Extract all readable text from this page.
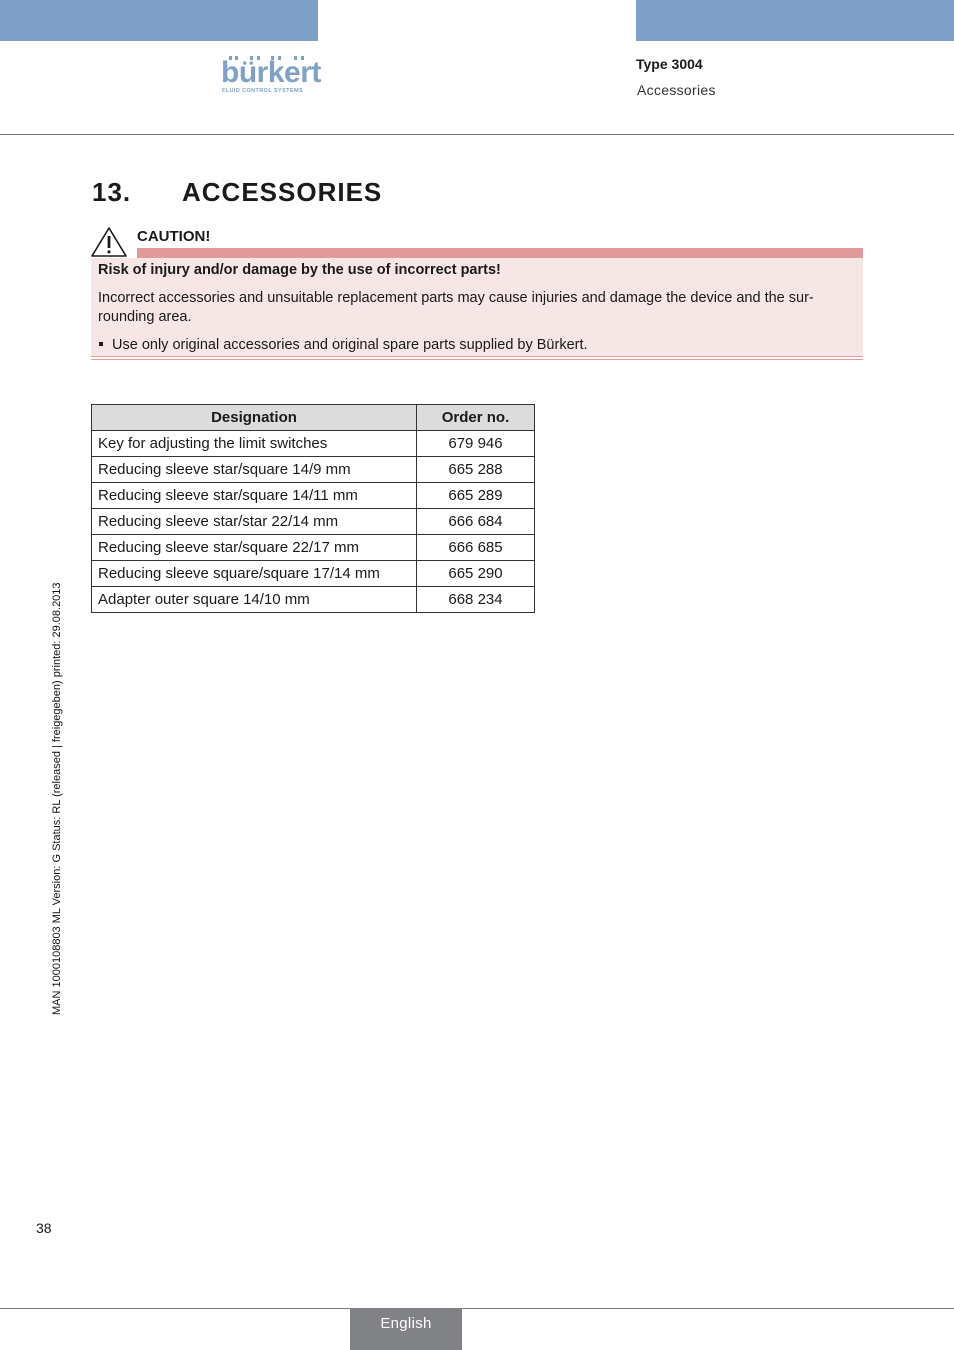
bürkert
FLUID CONTROL SYSTEMS
Type 3004
Accessories
13. ACCESSORIES
CAUTION!
Risk of injury and/or damage by the use of incorrect parts!
Incorrect accessories and unsuitable replacement parts may cause injuries and damage the device and the sur-rounding area.
Use only original accessories and original spare parts supplied by Bürkert.
Designation	Order no.
Key for adjusting the limit switches	679 946
Reducing sleeve star/square 14/9 mm	665 288
Reducing sleeve star/square 14/11 mm	665 289
Reducing sleeve star/star 22/14 mm	666 684
Reducing sleeve star/square 22/17 mm	666 685
Reducing sleeve square/square 17/14 mm	665 290
Adapter outer square 14/10 mm	668 234
MAN 1000108803 ML Version: G Status: RL (released | freigegeben) printed: 29.08.2013
38
English
